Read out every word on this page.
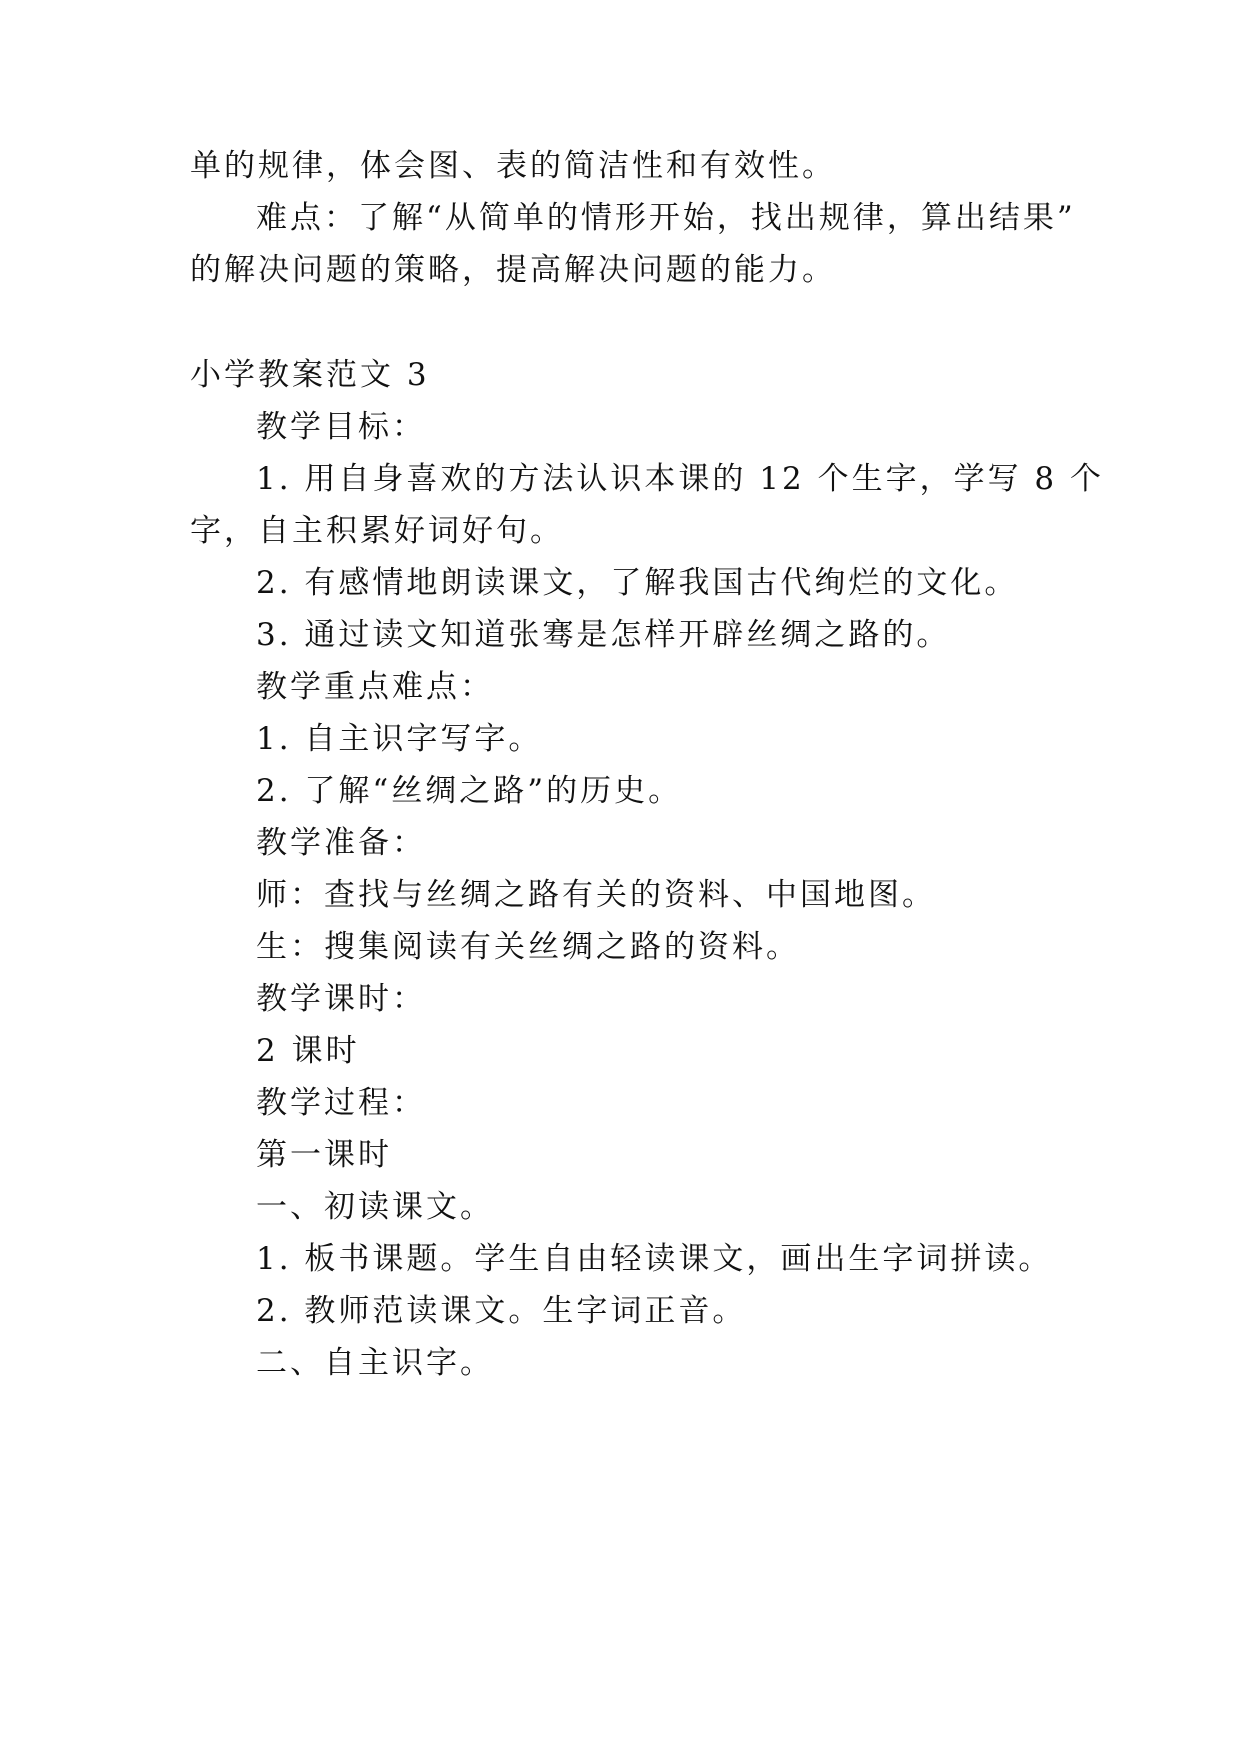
单的规律，体会图、表的简洁性和有效性。

难点：了解“从简单的情形开始，找出规律，算出结果”

的解决问题的策略，提高解决问题的能力。

小学教案范文 3

教学目标：

1. 用自身喜欢的方法认识本课的 12 个生字，学写 8 个

字，自主积累好词好句。

2. 有感情地朗读课文，了解我国古代绚烂的文化。

3. 通过读文知道张骞是怎样开辟丝绸之路的。

教学重点难点：

1. 自主识字写字。

2. 了解“丝绸之路”的历史。

教学准备：

师：查找与丝绸之路有关的资料、中国地图。

生：搜集阅读有关丝绸之路的资料。

教学课时：

2 课时

教学过程：

第一课时

一、初读课文。

1. 板书课题。学生自由轻读课文，画出生字词拼读。

2. 教师范读课文。生字词正音。

二、自主识字。
